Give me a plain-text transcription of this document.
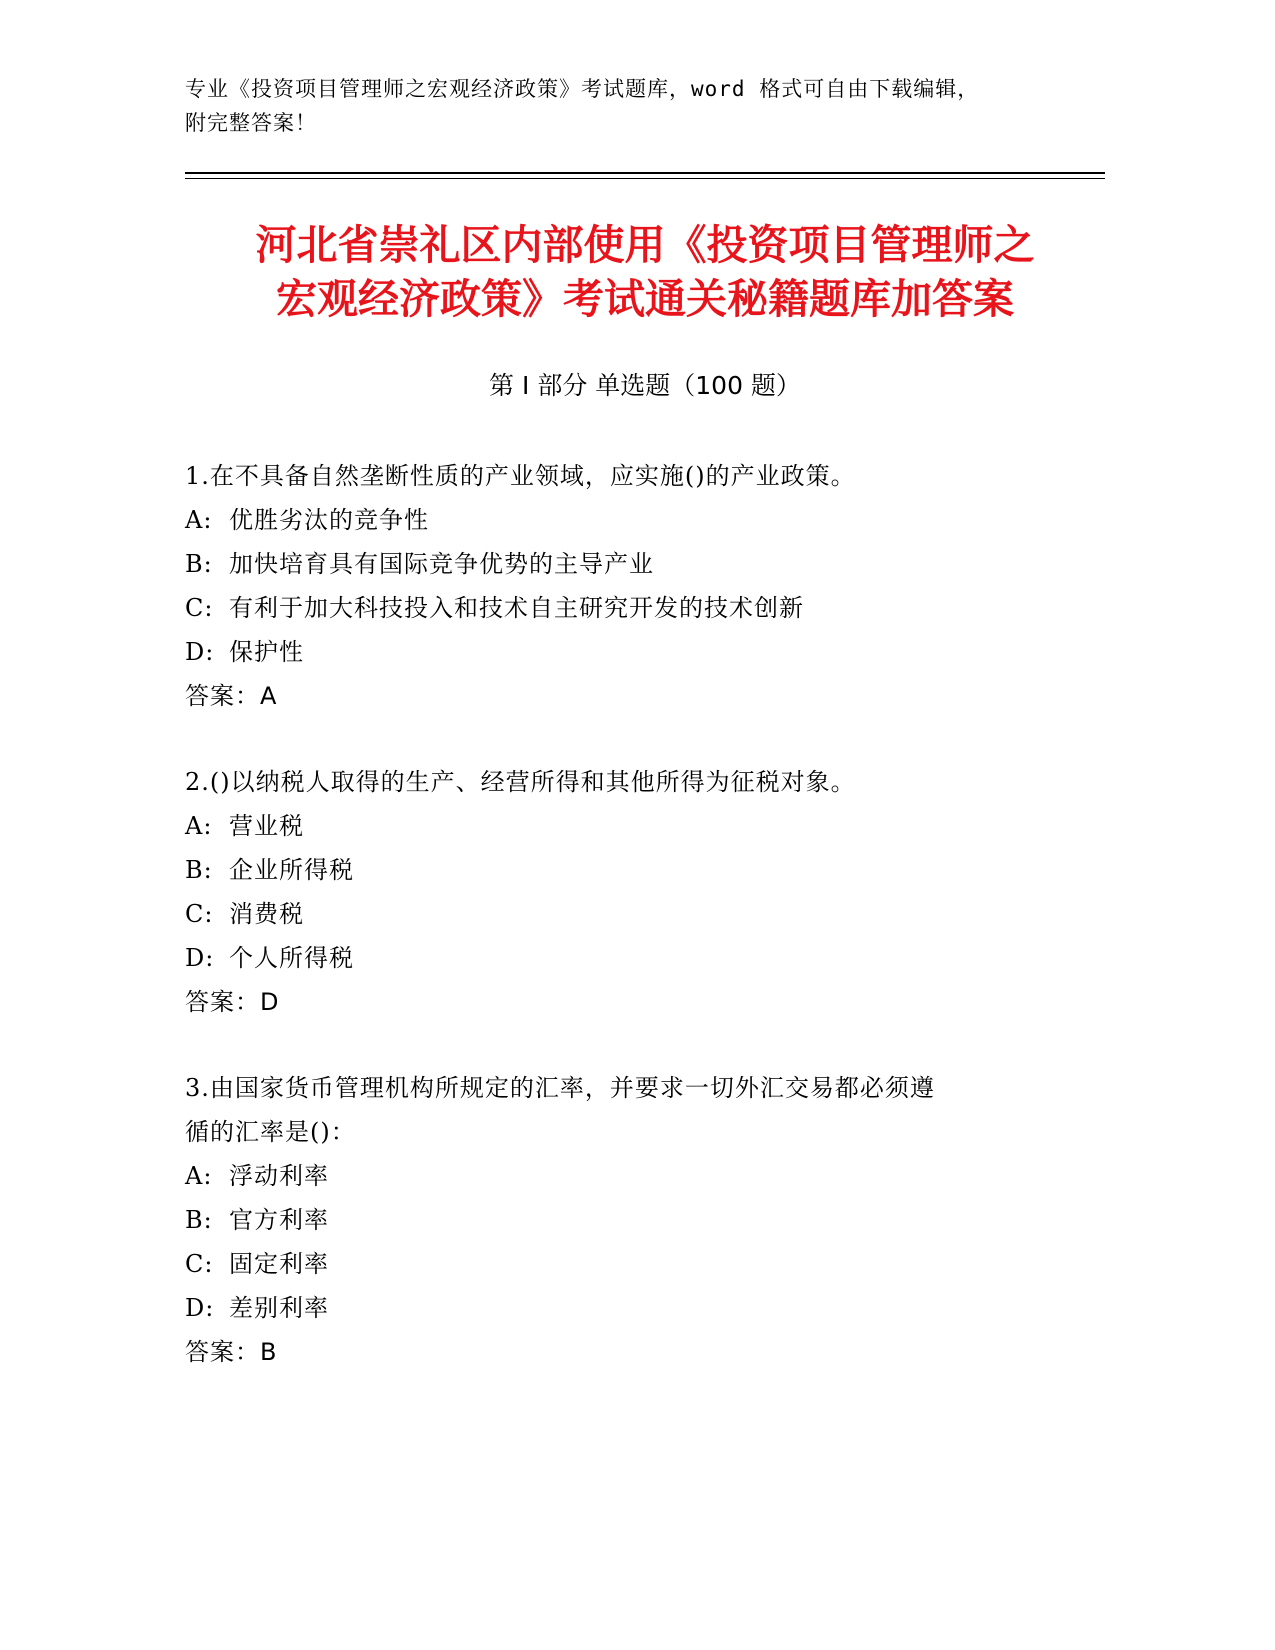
专业《投资项目管理师之宏观经济政策》考试题库，word 格式可自由下载编辑，
附完整答案！
河北省崇礼区内部使用《投资项目管理师之
宏观经济政策》考试通关秘籍题库加答案
第 I 部分 单选题（100 题）
1.在不具备自然垄断性质的产业领域，应实施()的产业政策。
A: 优胜劣汰的竞争性
B: 加快培育具有国际竞争优势的主导产业
C: 有利于加大科技投入和技术自主研究开发的技术创新
D: 保护性
答案：A
2.()以纳税人取得的生产、经营所得和其他所得为征税对象。
A: 营业税
B: 企业所得税
C: 消费税
D: 个人所得税
答案：D
3.由国家货币管理机构所规定的汇率，并要求一切外汇交易都必须遵
循的汇率是()：
A: 浮动利率
B: 官方利率
C: 固定利率
D: 差别利率
答案：B
